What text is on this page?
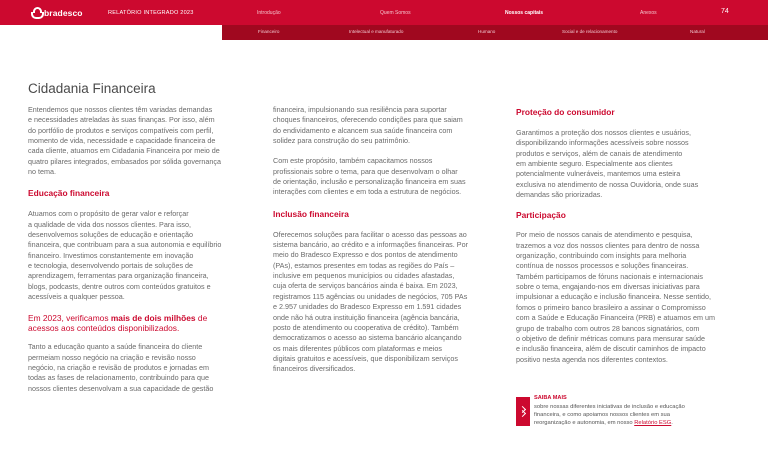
bradesco	RELATÓRIO INTEGRADO 2023	Introdução	Quem Somos	Nossos capitais	Anexos	74
Financeiro	Intelectual e manufaturado	Humano	Social e de relacionamento	Natural
Cidadania Financeira
Entendemos que nossos clientes têm variadas demandas
e necessidades atreladas às suas finanças. Por isso, além
do portfólio de produtos e serviços compatíveis com perfil,
momento de vida, necessidade e capacidade financeira de
cada cliente, atuamos em Cidadania Financeira por meio de
quatro pilares integrados, embasados por sólida governança
no tema.
Educação financeira
Atuamos com o propósito de gerar valor e reforçar
a qualidade de vida dos nossos clientes. Para isso,
desenvolvemos soluções de educação e orientação
financeira, que contribuam para a sua autonomia e equilíbrio
financeiro. Investimos constantemente em inovação
e tecnologia, desenvolvendo portais de soluções de
aprendizagem, ferramentas para organização financeira,
blogs, podcasts, dentre outros com conteúdos gratuitos e
acessíveis a qualquer pessoa.
Em 2023, verificamos mais de dois milhões de
acessos aos conteúdos disponibilizados.
Tanto a educação quanto a saúde financeira do cliente
permeiam nosso negócio na criação e revisão nosso
negócio, na criação e revisão de produtos e jornadas em
todas as fases de relacionamento, contribuindo para que
nossos clientes desenvolvam a sua capacidade de gestão
financeira, impulsionando sua resiliência para suportar
choques financeiros, oferecendo condições para que saiam
do endividamento e alcancem sua saúde financeira com
solidez para construção do seu patrimônio.
Com este propósito, também capacitamos nossos
profissionais sobre o tema, para que desenvolvam o olhar
de orientação, inclusão e personalização financeira em suas
interações com clientes e em toda a estrutura de negócios.
Inclusão financeira
Oferecemos soluções para facilitar o acesso das pessoas ao
sistema bancário, ao crédito e a informações financeiras. Por
meio do Bradesco Expresso e dos pontos de atendimento
(PAs), estamos presentes em todas as regiões do País –
inclusive em pequenos municípios ou cidades afastadas,
cuja oferta de serviços bancários ainda é baixa. Em 2023,
registramos 115 agências ou unidades de negócios, 705 PAs
e 2.957 unidades do Bradesco Expresso em 1.591 cidades
onde não há outra instituição financeira (agência bancária,
posto de atendimento ou cooperativa de crédito). Também
democratizamos o acesso ao sistema bancário alcançando
os mais diferentes públicos com plataformas e meios
digitais gratuitos e acessíveis, que disponibilizam serviços
financeiros diversificados.
Proteção do consumidor
Garantimos a proteção dos nossos clientes e usuários,
disponibilizando informações acessíveis sobre nossos
produtos e serviços, além de canais de atendimento
em ambiente seguro. Especialmente aos clientes
potencialmente vulneráveis, mantemos uma esteira
exclusiva no atendimento de nossa Ouvidoria, onde suas
demandas são priorizadas.
Participação
Por meio de nossos canais de atendimento e pesquisa,
trazemos a voz dos nossos clientes para dentro de nossa
organização, contribuindo com insights para melhoria
contínua de nossos processos e soluções financeiras.
Também participamos de fóruns nacionais e internacionais
sobre o tema, engajando-nos em diversas iniciativas para
impulsionar a educação e inclusão financeira. Nesse sentido,
fomos o primeiro banco brasileiro a assinar o Compromisso
com a Saúde e Educação Financeira (PRB) e atuamos em um
grupo de trabalho com outros 28 bancos signatários, com
o objetivo de definir métricas comuns para mensurar saúde
e inclusão financeira, além de discutir caminhos de impacto
positivo nesta agenda nos diferentes contextos.
SAIBA MAIS
sobre nossas diferentes iniciativas de inclusão e educação
financeira, e como apoiamos nossos clientes em sua
reorganização e autonomia, em nosso Relatório ESG.
